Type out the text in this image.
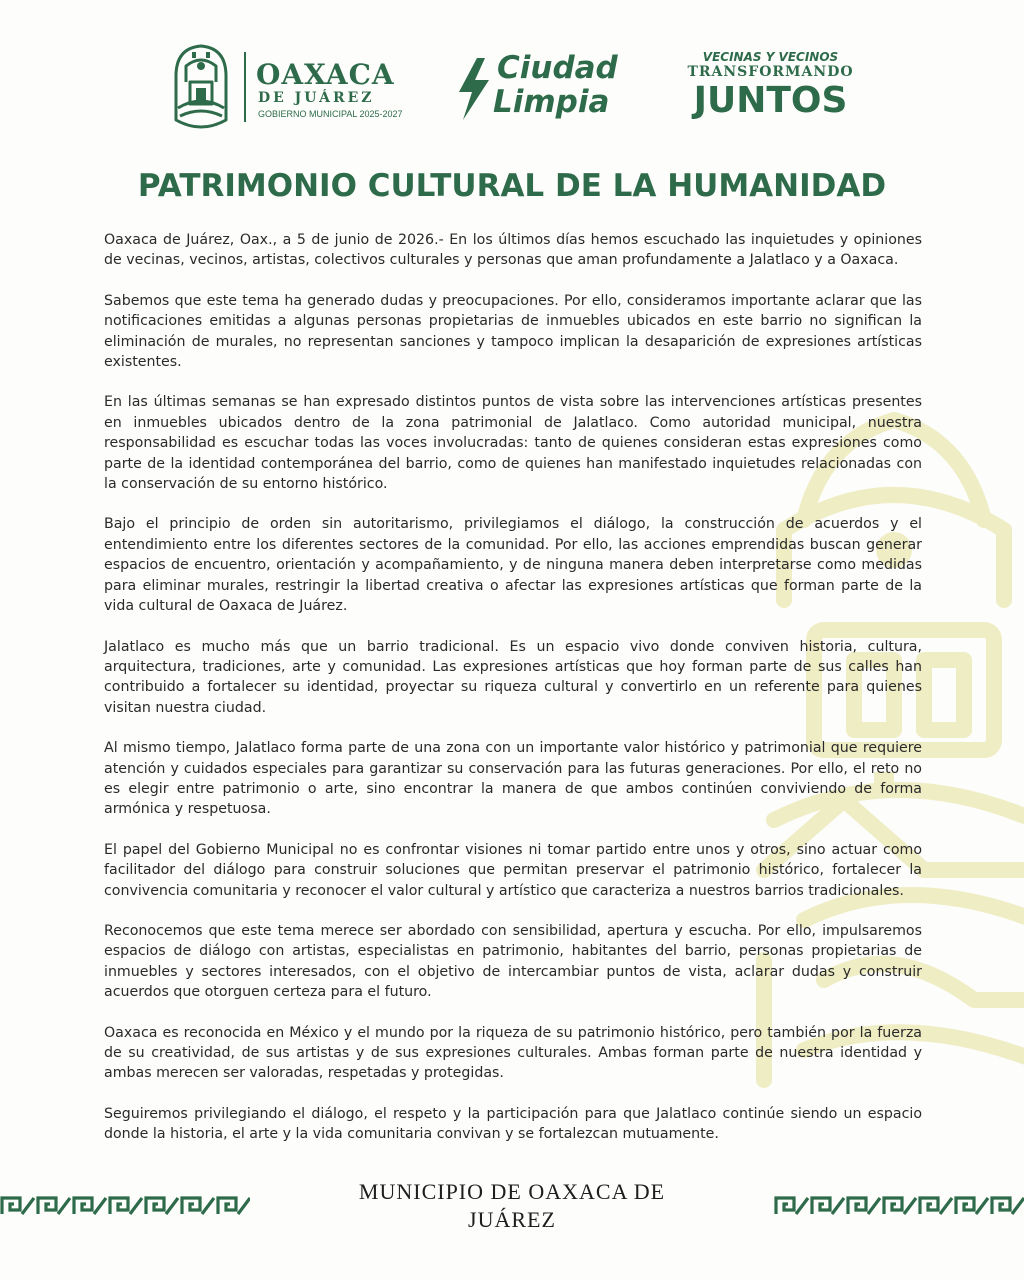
OAXACA
DE JUÁREZ
GOBIERNO MUNICIPAL 2025-2027
Ciudad
Limpia
VECINAS Y VECINOS
TRANSFORMANDO
JUNTOS
PATRIMONIO CULTURAL DE LA HUMANIDAD

Oaxaca de Juárez, Oax., a 5 de junio de 2026.- En los últimos días hemos escuchado las inquietudes y opiniones de vecinas, vecinos, artistas, colectivos culturales y personas que aman profundamente a Jalatlaco y a Oaxaca.

Sabemos que este tema ha generado dudas y preocupaciones. Por ello, consideramos importante aclarar que las notificaciones emitidas a algunas personas propietarias de inmuebles ubicados en este barrio no significan la eliminación de murales, no representan sanciones y tampoco implican la desaparición de expresiones artísticas existentes.

En las últimas semanas se han expresado distintos puntos de vista sobre las intervenciones artísticas presentes en inmuebles ubicados dentro de la zona patrimonial de Jalatlaco. Como autoridad municipal, nuestra responsabilidad es escuchar todas las voces involucradas: tanto de quienes consideran estas expresiones como parte de la identidad contemporánea del barrio, como de quienes han manifestado inquietudes relacionadas con la conservación de su entorno histórico.

Bajo el principio de orden sin autoritarismo, privilegiamos el diálogo, la construcción de acuerdos y el entendimiento entre los diferentes sectores de la comunidad. Por ello, las acciones emprendidas buscan generar espacios de encuentro, orientación y acompañamiento, y de ninguna manera deben interpretarse como medidas para eliminar murales, restringir la libertad creativa o afectar las expresiones artísticas que forman parte de la vida cultural de Oaxaca de Juárez.

Jalatlaco es mucho más que un barrio tradicional. Es un espacio vivo donde conviven historia, cultura, arquitectura, tradiciones, arte y comunidad. Las expresiones artísticas que hoy forman parte de sus calles han contribuido a fortalecer su identidad, proyectar su riqueza cultural y convertirlo en un referente para quienes visitan nuestra ciudad.

Al mismo tiempo, Jalatlaco forma parte de una zona con un importante valor histórico y patrimonial que requiere atención y cuidados especiales para garantizar su conservación para las futuras generaciones. Por ello, el reto no es elegir entre patrimonio o arte, sino encontrar la manera de que ambos continúen conviviendo de forma armónica y respetuosa.

El papel del Gobierno Municipal no es confrontar visiones ni tomar partido entre unos y otros, sino actuar como facilitador del diálogo para construir soluciones que permitan preservar el patrimonio histórico, fortalecer la convivencia comunitaria y reconocer el valor cultural y artístico que caracteriza a nuestros barrios tradicionales.

Reconocemos que este tema merece ser abordado con sensibilidad, apertura y escucha. Por ello, impulsaremos espacios de diálogo con artistas, especialistas en patrimonio, habitantes del barrio, personas propietarias de inmuebles y sectores interesados, con el objetivo de intercambiar puntos de vista, aclarar dudas y construir acuerdos que otorguen certeza para el futuro.

Oaxaca es reconocida en México y el mundo por la riqueza de su patrimonio histórico, pero también por la fuerza de su creatividad, de sus artistas y de sus expresiones culturales. Ambas forman parte de nuestra identidad y ambas merecen ser valoradas, respetadas y protegidas.

Seguiremos privilegiando el diálogo, el respeto y la participación para que Jalatlaco continúe siendo un espacio donde la historia, el arte y la vida comunitaria convivan y se fortalezcan mutuamente.

MUNICIPIO DE OAXACA DE
JUÁREZ
